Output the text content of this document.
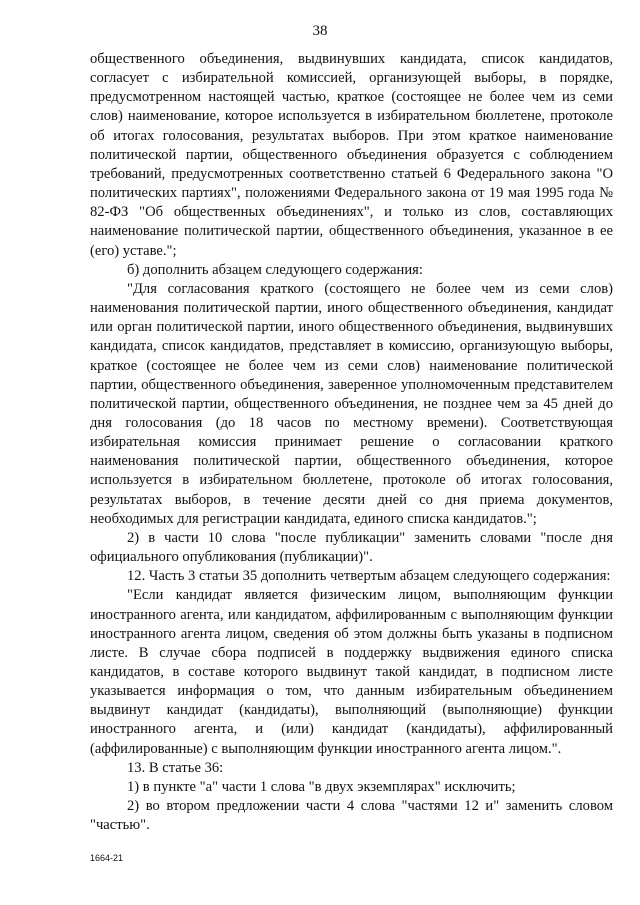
38

общественного объединения, выдвинувших кандидата, список кандидатов, согласует с избирательной комиссией, организующей выборы, в порядке, предусмотренном настоящей частью, краткое (состоящее не более чем из семи слов) наименование, которое используется в избирательном бюллетене, протоколе об итогах голосования, результатах выборов. При этом краткое наименование политической партии, общественного объединения образуется с соблюдением требований, предусмотренных соответственно статьей 6 Федерального закона "О политических партиях", положениями Федерального закона от 19 мая 1995 года № 82-ФЗ "Об общественных объединениях", и только из слов, составляющих наименование политической партии, общественного объединения, указанное в ее (его) уставе.";

б) дополнить абзацем следующего содержания:

"Для согласования краткого (состоящего не более чем из семи слов) наименования политической партии, иного общественного объединения, кандидат или орган политической партии, иного общественного объединения, выдвинувших кандидата, список кандидатов, представляет в комиссию, организующую выборы, краткое (состоящее не более чем из семи слов) наименование политической партии, общественного объединения, заверенное уполномоченным представителем политической партии, общественного объединения, не позднее чем за 45 дней до дня голосования (до 18 часов по местному времени). Соответствующая избирательная комиссия принимает решение о согласовании краткого наименования политической партии, общественного объединения, которое используется в избирательном бюллетене, протоколе об итогах голосования, результатах выборов, в течение десяти дней со дня приема документов, необходимых для регистрации кандидата, единого списка кандидатов.";

2) в части 10 слова "после публикации" заменить словами "после дня официального опубликования (публикации)".

12. Часть 3 статьи 35 дополнить четвертым абзацем следующего содержания:

"Если кандидат является физическим лицом, выполняющим функции иностранного агента, или кандидатом, аффилированным с выполняющим функции иностранного агента лицом, сведения об этом должны быть указаны в подписном листе. В случае сбора подписей в поддержку выдвижения единого списка кандидатов, в составе которого выдвинут такой кандидат, в подписном листе указывается информация о том, что данным избирательным объединением выдвинут кандидат (кандидаты), выполняющий (выполняющие) функции иностранного агента, и (или) кандидат (кандидаты), аффилированный (аффилированные) с выполняющим функции иностранного агента лицом.".

13. В статье 36:

1) в пункте "а" части 1 слова "в двух экземплярах" исключить;

2) во втором предложении части 4 слова "частями 12 и" заменить словом "частью".

1664-21
